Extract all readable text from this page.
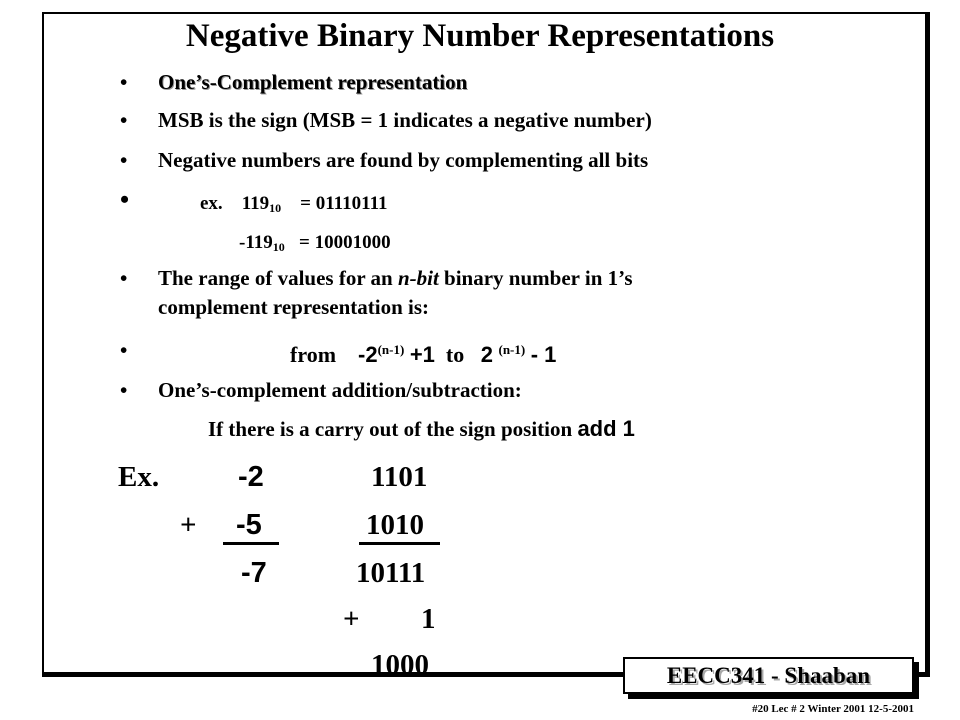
Negative Binary Number Representations
• One’s-Complement representation
• MSB is the sign (MSB = 1 indicates a negative number)
• Negative numbers are found by complementing all bits
•	ex. $119_{10} = 01110111$
$-119_{10} = 10001000$
• The range of values for an n-bit binary number in 1’s
complement representation is:
•	from $-2^{(n-1)} +1$ to 2 $^{(n-1)}$ - 1
• One’s-complement addition/subtraction:
If there is a carry out of the sign position add 1
Ex.	-2	1101
+ -5	1010
-7	10111
+ 1
1000	EECC341 - Shaaban
#20 Lec # 2 Winter 2001 12-5-2001
